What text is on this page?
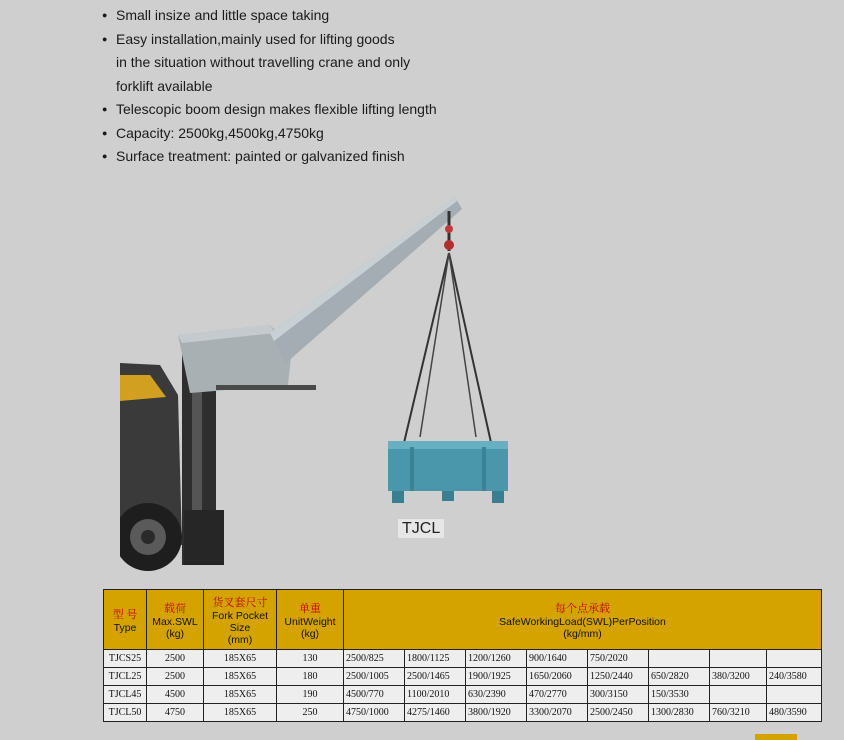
● Small insize and little space taking
● Easy installation,mainly used for lifting goods
in the situation without travelling crane and only
forklift available
● Telescopic boom design makes flexible lifting length
● Capacity: 2500kg,4500kg,4750kg
● Surface treatment: painted or galvanized finish
TJCL
型 号
Type	载荷
Max.SWL
(kg)	货叉套尺寸
Fork Pocket
Size
(mm)	单重
UnitWeight
(kg)	每个点承载
SafeWorkingLoad(SWL)PerPosition
(kg/mm)							

TJCS25	2500	185X65	130	2500/825	1800/1125	1200/1260	900/1640	750/2020			
TJCL25	2500	185X65	180	2500/1005	2500/1465	1900/1925	1650/2060	1250/2440	650/2820	380/3200	240/3580
TJCL45	4500	185X65	190	4500/770	1100/2010	630/2390	470/2770	300/3150	150/3530		
TJCL50	4750	185X65	250	4750/1000	4275/1460	3800/1920	3300/2070	2500/2450	1300/2830	760/3210	480/3590
